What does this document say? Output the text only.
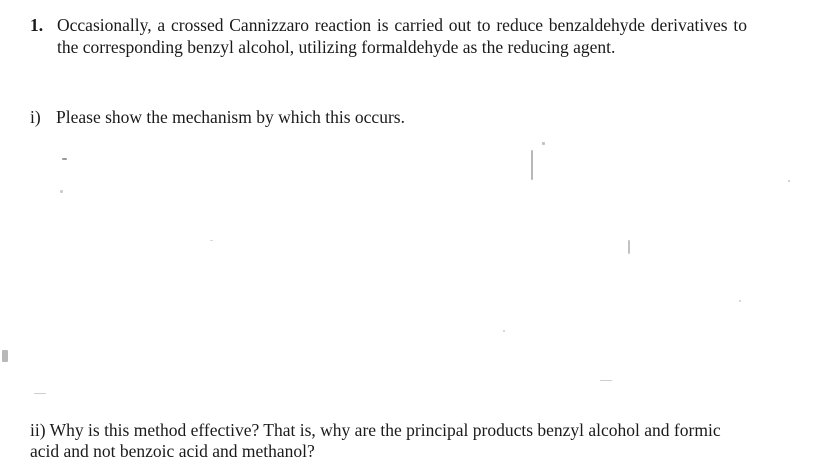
1. Occasionally, a crossed Cannizzaro reaction is carried out to reduce benzaldehyde derivatives to the corresponding benzyl alcohol, utilizing formaldehyde as the reducing agent.
i) Please show the mechanism by which this occurs.
ii) Why is this method effective? That is, why are the principal products benzyl alcohol and formic acid and not benzoic acid and methanol?
